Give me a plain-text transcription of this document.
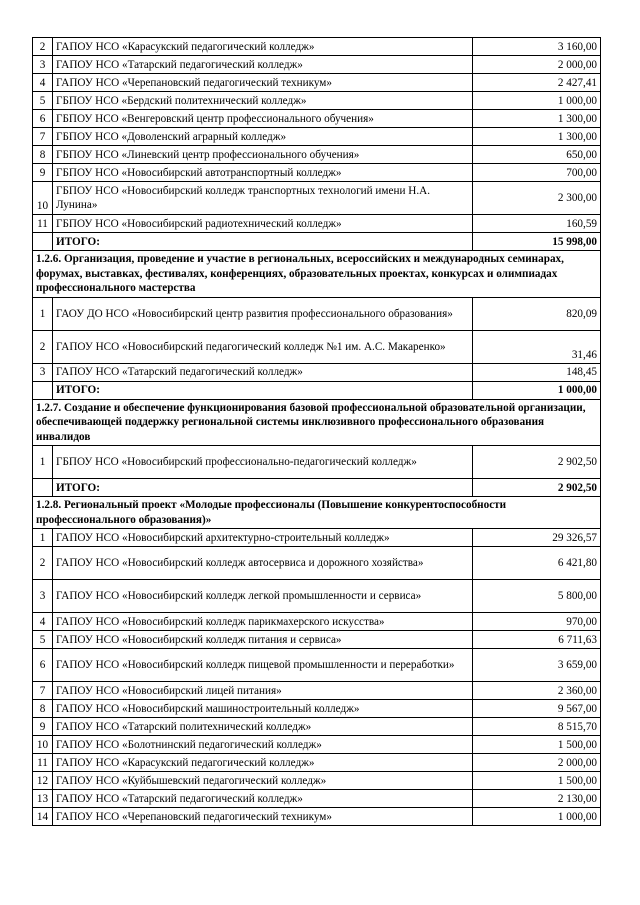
2	ГАПОУ НСО «Карасукский педагогический колледж»	3 160,00
3	ГАПОУ НСО «Татарский педагогический колледж»	2 000,00
4	ГАПОУ НСО «Черепановский педагогический техникум»	2 427,41
5	ГБПОУ НСО «Бердский политехнический колледж»	1 000,00
6	ГБПОУ НСО «Венгеровский центр профессионального обучения»	1 300,00
7	ГБПОУ НСО «Доволенский аграрный колледж»	1 300,00
8	ГБПОУ НСО «Линевский центр профессионального обучения»	650,00
9	ГБПОУ НСО «Новосибирский автотранспортный колледж»	700,00
10	ГБПОУ НСО «Новосибирский колледж транспортных технологий имени Н.А. Лунина»	2 300,00
11	ГБПОУ НСО «Новосибирский радиотехнический колледж»	160,59
	ИТОГО:	15 998,00
1.2.6. Организация, проведение и участие в региональных, всероссийских и международных семинарах, форумах, выставках, фестивалях, конференциях, образовательных проектах, конкурсах и олимпиадах профессионального мастерства		
1	ГАОУ ДО НСО «Новосибирский центр развития профессионального образования»	820,09
2	ГАПОУ НСО «Новосибирский педагогический колледж №1 им. А.С. Макаренко»	31,46
3	ГАПОУ НСО «Татарский педагогический колледж»	148,45
	ИТОГО:	1 000,00
1.2.7. Создание и обеспечение функционирования базовой профессиональной образовательной организации, обеспечивающей поддержку региональной системы инклюзивного профессионального образования инвалидов		
1	ГБПОУ НСО «Новосибирский профессионально-педагогический колледж»	2 902,50
	ИТОГО:	2 902,50
1.2.8. Региональный проект «Молодые профессионалы (Повышение конкурентоспособности профессионального образования)»		
1	ГАПОУ НСО «Новосибирский архитектурно-строительный колледж»	29 326,57
2	ГАПОУ НСО «Новосибирский колледж автосервиса и дорожного хозяйства»	6 421,80
3	ГАПОУ НСО «Новосибирский колледж легкой промышленности и сервиса»	5 800,00
4	ГАПОУ НСО «Новосибирский колледж парикмахерского искусства»	970,00
5	ГАПОУ НСО «Новосибирский колледж питания и сервиса»	6 711,63
6	ГАПОУ НСО «Новосибирский колледж пищевой промышленности и переработки»	3 659,00
7	ГАПОУ НСО «Новосибирский лицей питания»	2 360,00
8	ГАПОУ НСО «Новосибирский машиностроительный колледж»	9 567,00
9	ГАПОУ НСО «Татарский политехнический колледж»	8 515,70
10	ГАПОУ НСО «Болотнинский педагогический колледж»	1 500,00
11	ГАПОУ НСО «Карасукский педагогический колледж»	2 000,00
12	ГАПОУ НСО «Куйбышевский педагогический колледж»	1 500,00
13	ГАПОУ НСО «Татарский педагогический колледж»	2 130,00
14	ГАПОУ НСО «Черепановский педагогический техникум»	1 000,00
